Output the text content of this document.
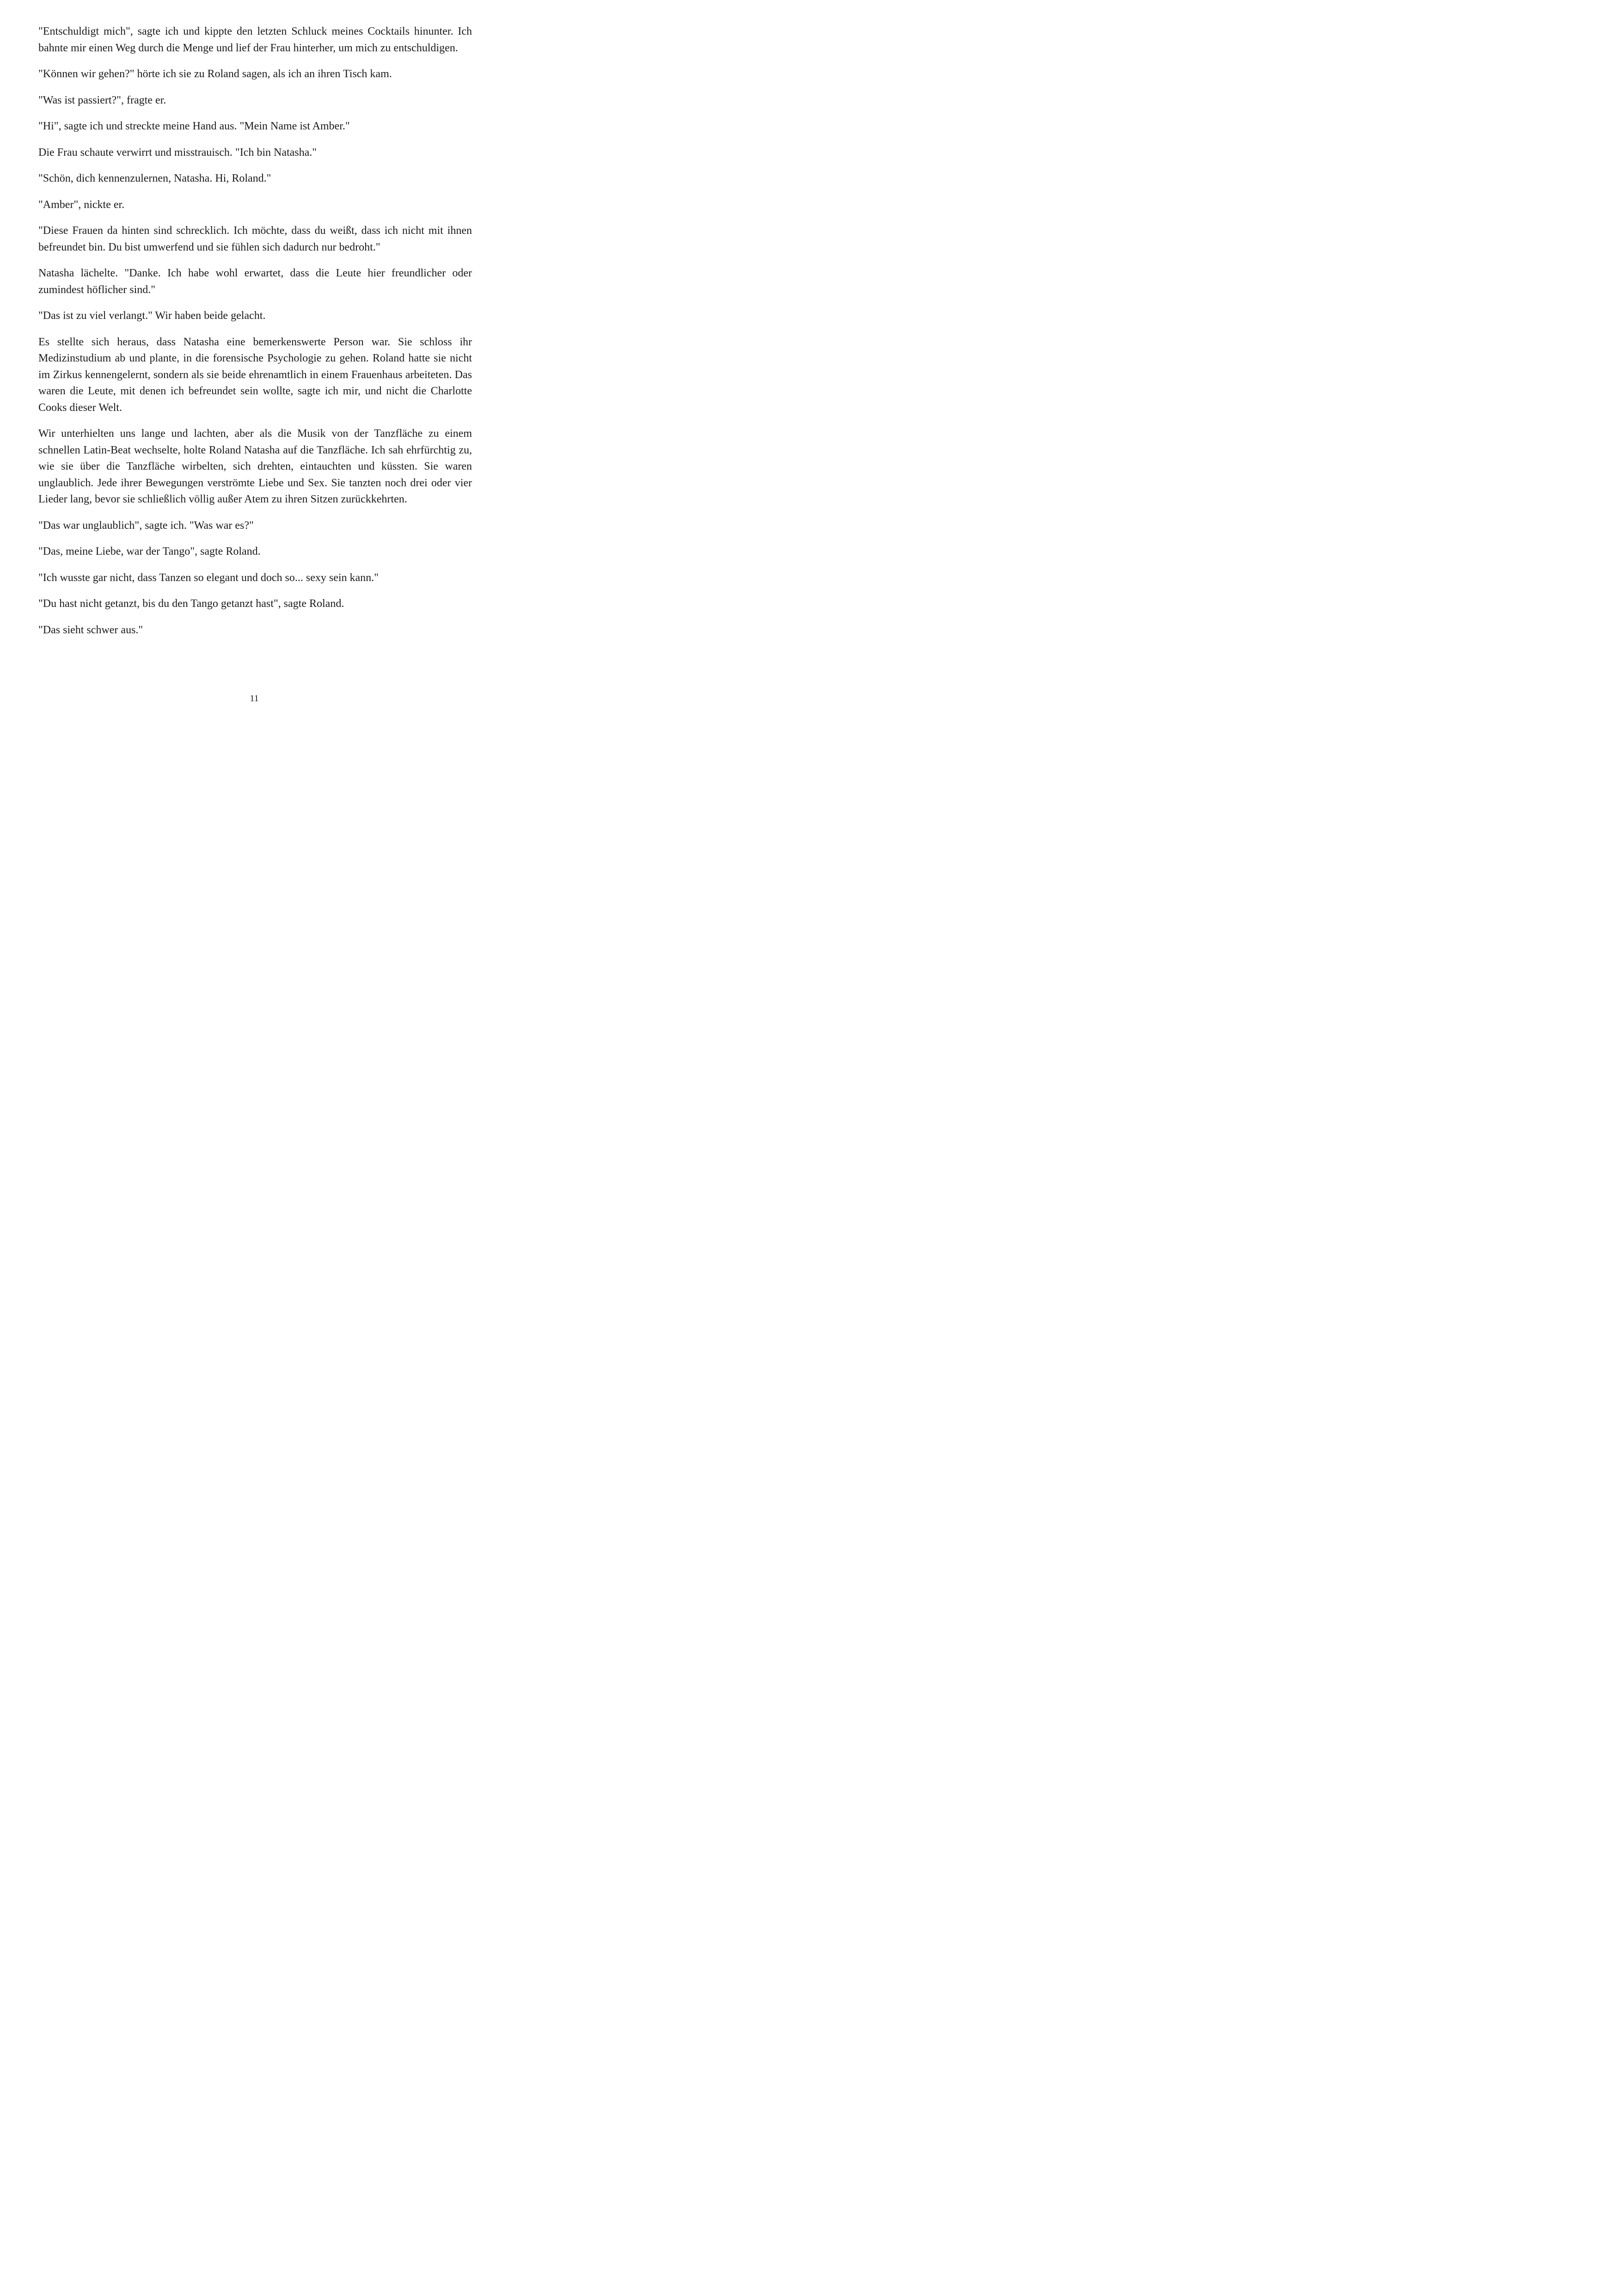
"Entschuldigt mich", sagte ich und kippte den letzten Schluck meines Cocktails hinunter. Ich bahnte mir einen Weg durch die Menge und lief der Frau hinterher, um mich zu entschuldigen.

"Können wir gehen?" hörte ich sie zu Roland sagen, als ich an ihren Tisch kam.

"Was ist passiert?", fragte er.

"Hi", sagte ich und streckte meine Hand aus. "Mein Name ist Amber."

Die Frau schaute verwirrt und misstrauisch. "Ich bin Natasha."

"Schön, dich kennenzulernen, Natasha. Hi, Roland."

"Amber", nickte er.

"Diese Frauen da hinten sind schrecklich. Ich möchte, dass du weißt, dass ich nicht mit ihnen befreundet bin. Du bist umwerfend und sie fühlen sich dadurch nur bedroht."

Natasha lächelte. "Danke. Ich habe wohl erwartet, dass die Leute hier freundlicher oder zumindest höflicher sind."

"Das ist zu viel verlangt." Wir haben beide gelacht.

Es stellte sich heraus, dass Natasha eine bemerkenswerte Person war. Sie schloss ihr Medizinstudium ab und plante, in die forensische Psychologie zu gehen. Roland hatte sie nicht im Zirkus kennengelernt, sondern als sie beide ehrenamtlich in einem Frauenhaus arbeiteten. Das waren die Leute, mit denen ich befreundet sein wollte, sagte ich mir, und nicht die Charlotte Cooks dieser Welt.

Wir unterhielten uns lange und lachten, aber als die Musik von der Tanzfläche zu einem schnellen Latin-Beat wechselte, holte Roland Natasha auf die Tanzfläche. Ich sah ehrfürchtig zu, wie sie über die Tanzfläche wirbelten, sich drehten, eintauchten und küssten. Sie waren unglaublich. Jede ihrer Bewegungen verströmte Liebe und Sex. Sie tanzten noch drei oder vier Lieder lang, bevor sie schließlich völlig außer Atem zu ihren Sitzen zurückkehrten.

"Das war unglaublich", sagte ich. "Was war es?"

"Das, meine Liebe, war der Tango", sagte Roland.

"Ich wusste gar nicht, dass Tanzen so elegant und doch so... sexy sein kann."

"Du hast nicht getanzt, bis du den Tango getanzt hast", sagte Roland.

"Das sieht schwer aus."

11
